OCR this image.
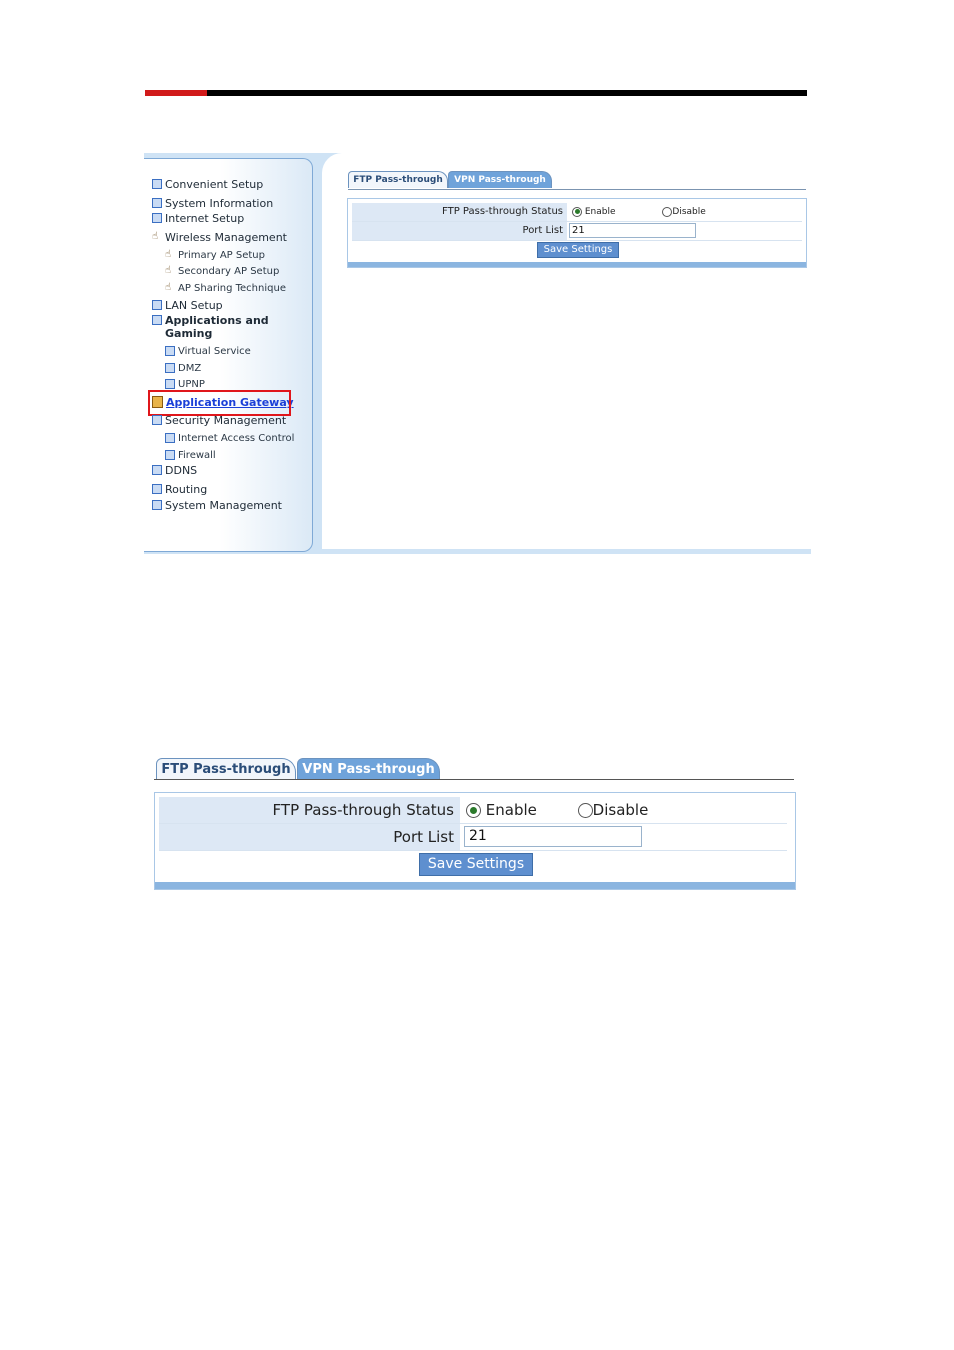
Convenient Setup
System Information
Internet Setup
☝ Wireless Management
☝ Primary AP Setup
☝ Secondary AP Setup
☝ AP Sharing Technique
LAN Setup
Applications and
Gaming
Virtual Service
DMZ
UPNP
Application Gateway
Security Management
Internet Access Control
Firewall
DDNS
Routing
System Management
FTP Pass-through	VPN Pass-through
FTP Pass-through Status	Enable	Disable
Port List 21
Save Settings
FTP Pass-through VPN Pass-through
FTP Pass-through Status	Enable	Disable
Port List	21
Save Settings
